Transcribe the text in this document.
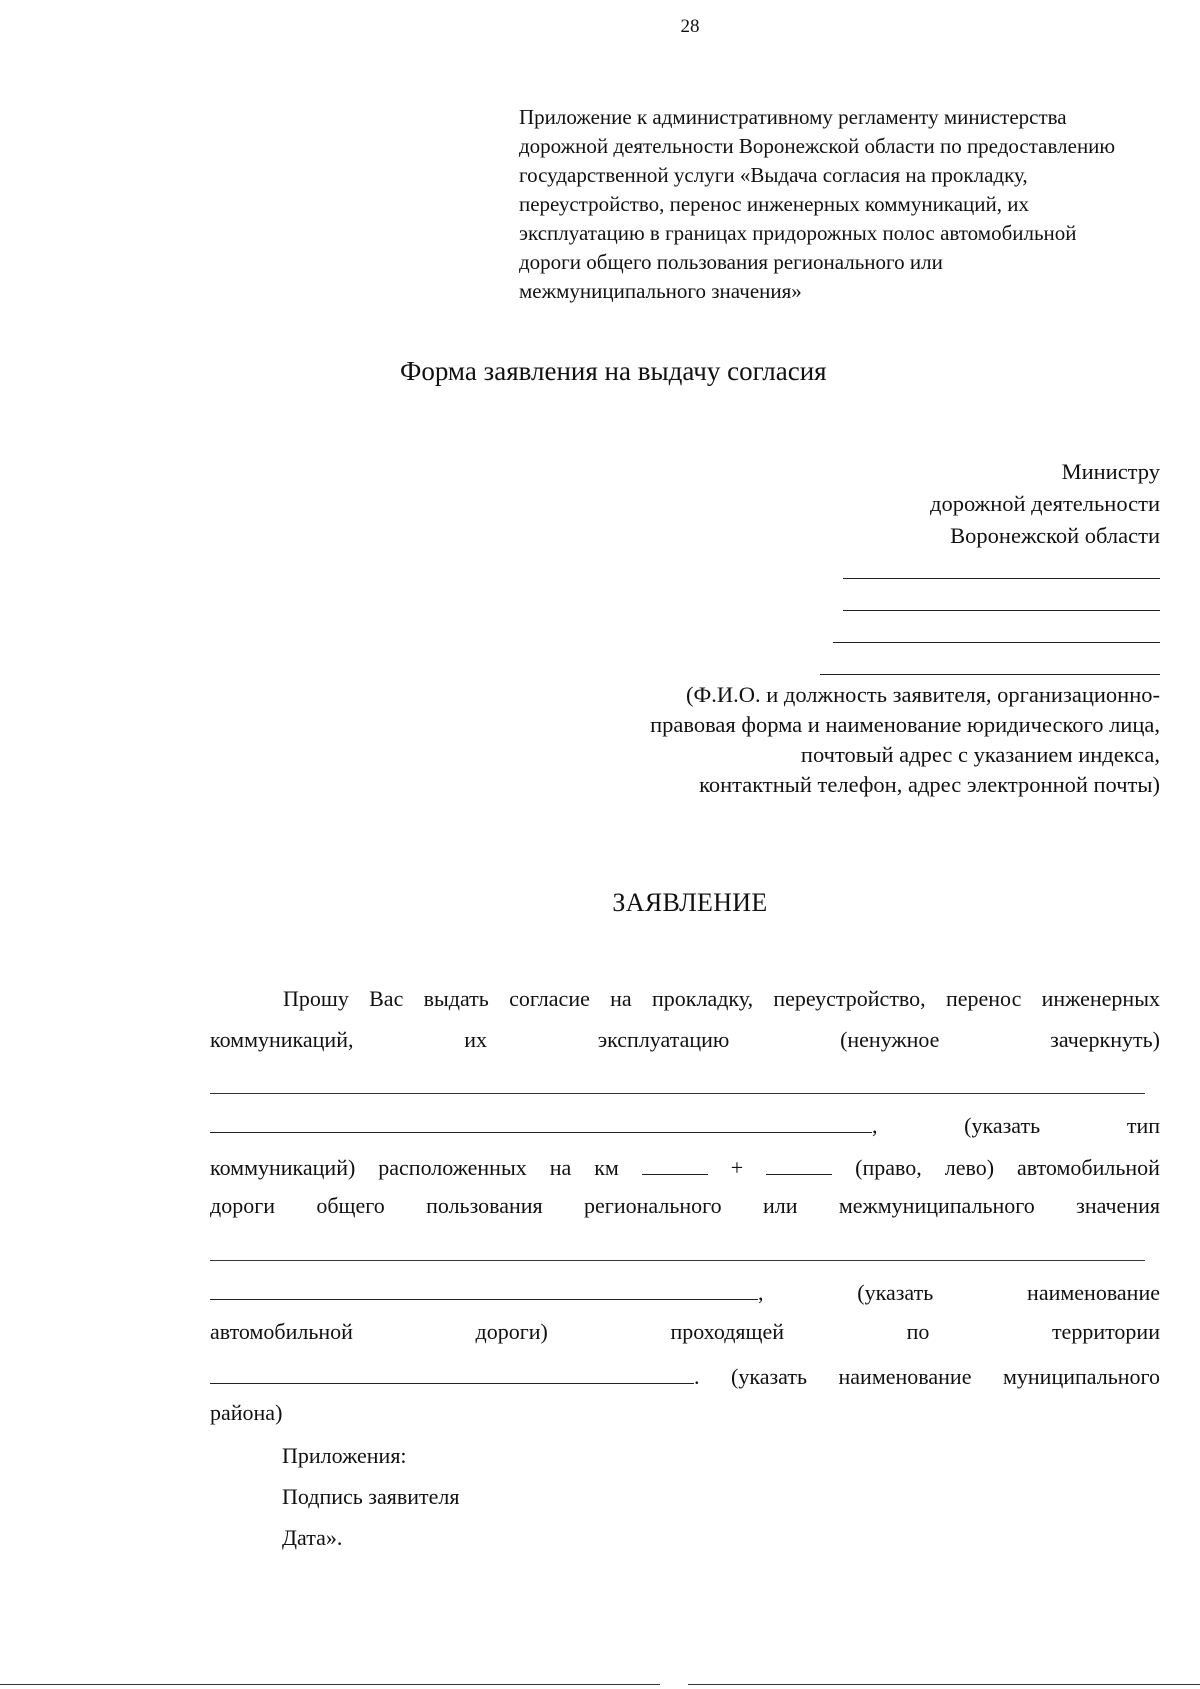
28
Приложение к административному регламенту министерства
дорожной деятельности Воронежской области по предоставлению
государственной услуги «Выдача согласия на прокладку,
переустройство, перенос инженерных коммуникаций, их
эксплуатацию в границах придорожных полос автомобильной
дороги общего пользования регионального или
межмуниципального значения»
Форма заявления на выдачу согласия
Министру
дорожной деятельности
Воронежской области
(Ф.И.О. и должность заявителя, организационно-
правовая форма и наименование юридического лица,
почтовый адрес с указанием индекса,
контактный телефон, адрес электронной почты)
ЗАЯВЛЕНИЕ
Прошу Вас выдать согласие на прокладку, переустройство, перенос инженерных
коммуникаций,	их	эксплуатацию	(ненужное	зачеркнуть)
,	(указать	тип
коммуникаций) расположенных на км	+	(право, лево) автомобильной
дороги общего пользования регионального или межмуниципального значения
,	(указать	наименование
автомобильной	дороги)	проходящей	по	территории
. (указать наименование муниципального
района)
Приложения:
Подпись заявителя
Дата».
